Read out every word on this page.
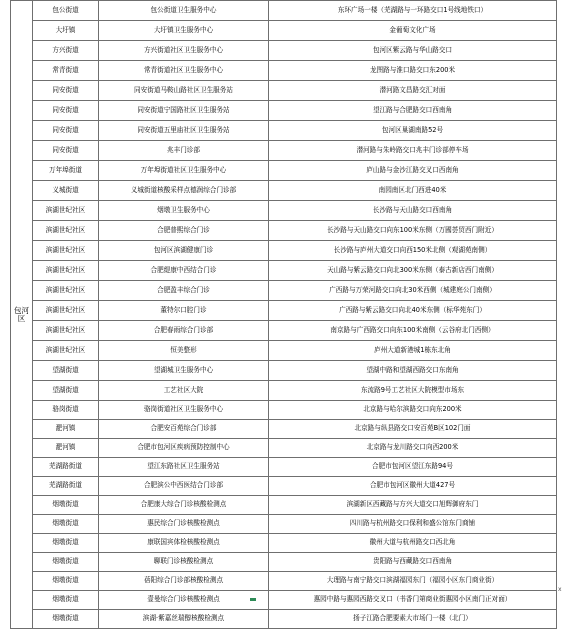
包河区	包公街道	包公街道卫生服务中心	东环广场一楼（芜湖路与一环路交口1号线地铁口）
	大圩镇	大圩镇卫生服务中心	金葡萄文化广场
	方兴街道	方兴街道社区卫生服务中心	包河区紫云路与华山路交口
	常青街道	常青街道社区卫生服务中心	龙图路与淮口路交口东200米
	同安街道	同安街道马鞍山路社区卫生服务站	潜河路文昌路交汇对面
	同安街道	同安街道宁国路社区卫生服务站	望江路与合肥路交口西南角
	同安街道	同安街道五里庙社区卫生服务站	包河区巢湖南路52号
	同安街道	兆丰门诊部	潜河路与朱岭路交口兆丰门诊部停车场
	万年埠街道	万年埠街道社区卫生服务中心	庐山路与金沙江路交叉口西南角
	义城街道	义城街道核酸采样点德润综合门诊部	南园南区北门西进40米
	滨湖世纪社区	烟墩卫生服务中心	长沙路与天山路交口西南角
	滨湖世纪社区	合肥普熙综合门诊	长沙路与天山路交口向东100米东侧（万國荟贸西门附近）
	滨湖世纪社区	包河区滨湖健康门诊	长沙路与庐州大道交口向西150米北侧（观湖苑南侧）
	滨湖世纪社区	合肥缇康中西结合门诊	天山路与紫云路交口向北300米东侧（泰古新店西门南侧）
	滨湖世纪社区	合肥盈丰综合门诊	广西路与万荣河路交口向北30米西侧（城建庭公门南侧）
	滨湖世纪社区	董特尔口腔门诊	广西路与紫云路交口向北40米东侧（标华苑东门）
	滨湖世纪社区	合肥春雨综合门诊部	南京路与广西路交口向东100米南侧（云谷府北门西侧）
	滨湖世纪社区	恒美整形	庐州大道新港城1栋东北角
	望湖街道	望湖城卫生服务中心	望湖中路和望湖西路交口东南角
	望湖街道	工艺社区大院	东流路9号工艺社区大院模型市场东
	骆岗街道	骆岗街道社区卫生服务中心	北京路与哈尔滨路交口向东200米
	淝河镇	合肥安百苑综合门诊部	北京路与纵县路交口安百苑B区102门面
	淝河镇	合肥市包河区疾病预防控制中心	北京路与龙川路交口向西200米
	芜湖路街道	望江东路社区卫生服务站	合肥市包河区望江东路94号
	芜湖路街道	合肥滨公中西医结合门诊部	合肥市包河区徽州大道427号
	烟墩街道	合肥康大综合门诊核酸检测点	滨湖新区西藏路与方兴大道交口旭辉御府东门
	烟墩街道	惠民综合门诊核酸检测点	四川路与杭州路交口保利和盛公馆东门商铺
	烟墩街道	康联国宾体检核酸检测点	徽州大道与杭州路交口西北角
	烟墩街道	聊联门诊核酸检测点	贵阳路与西藏路交口西南角
	烟墩街道	蓓阳综合门诊部核酸检测点	大理路与南宁路交口滨湖福园东门（福园小区东门商业街）
	烟墩街道	壹曼综合门诊核酸检测点	惠园中路与惠园西路交叉口（书香门第商业街惠园小区南门正对面）
	烟墩街道	滨湖·紫嘉丝瑞醇核酸检测点	扬子江路合肥要素大市场门一楼（北门）
x
